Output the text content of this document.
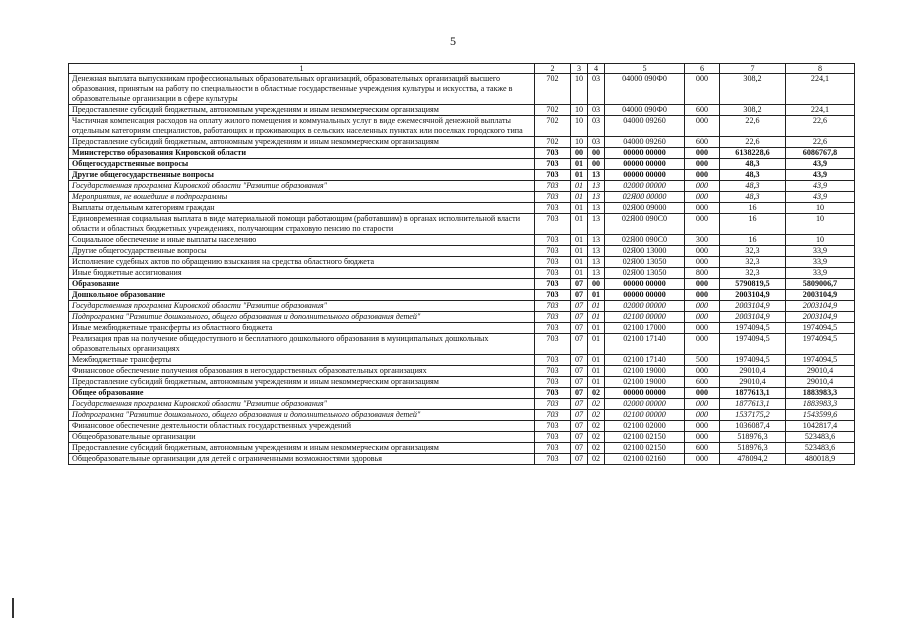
5
1	2	3	4	5	6	7	8
Денежная выплата выпускникам профессиональных образовательных организаций, образовательных организаций высшего образования, принятым на работу по специальности в областные государственные учреждения культуры и искусства, а также в образовательные организации в сфере культуры	702	10	03	04000 090Ф0	000	308,2	224,1
Предоставление субсидий бюджетным, автономным учреждениям и иным некоммерческим организациям	702	10	03	04000 090Ф0	600	308,2	224,1
Частичная компенсация расходов на оплату жилого помещения и коммунальных услуг в виде ежемесячной денежной выплаты отдельным категориям специалистов, работающих и проживающих в сельских населенных пунктах или поселках городского типа	702	10	03	04000 09260	000	22,6	22,6
Предоставление субсидий бюджетным, автономным учреждениям и иным некоммерческим организациям	702	10	03	04000 09260	600	22,6	22,6
Министерство образования Кировской области	703	00	00	00000 00000	000	6138228,6	6086767,8
Общегосударственные вопросы	703	01	00	00000 00000	000	48,3	43,9
Другие общегосударственные вопросы	703	01	13	00000 00000	000	48,3	43,9
Государственная программа Кировской области "Развитие образования"	703	01	13	02000 00000	000	48,3	43,9
Мероприятия, не вошедшие в подпрограммы	703	01	13	02Я00 00000	000	48,3	43,9
Выплаты отдельным категориям граждан	703	01	13	02Я00 09000	000	16	10
Единовременная социальная выплата в виде материальной помощи работающим (работавшим) в органах исполнительной власти области и областных бюджетных учреждениях, получающим страховую пенсию по старости	703	01	13	02Я00 090С0	000	16	10
Социальное обеспечение и иные выплаты населению	703	01	13	02Я00 090С0	300	16	10
Другие общегосударственные вопросы	703	01	13	02Я00 13000	000	32,3	33,9
Исполнение судебных актов по обращению взыскания на средства областного бюджета	703	01	13	02Я00 13050	000	32,3	33,9
Иные бюджетные ассигнования	703	01	13	02Я00 13050	800	32,3	33,9
Образование	703	07	00	00000 00000	000	5790819,5	5809006,7
Дошкольное образование	703	07	01	00000 00000	000	2003104,9	2003104,9
Государственная программа Кировской области "Развитие образования"	703	07	01	02000 00000	000	2003104,9	2003104,9
Подпрограмма "Развитие дошкольного, общего образования и дополнительного образования детей"	703	07	01	02100 00000	000	2003104,9	2003104,9
Иные межбюджетные трансферты из областного бюджета	703	07	01	02100 17000	000	1974094,5	1974094,5
Реализация прав на получение общедоступного и бесплатного дошкольного образования в муниципальных дошкольных образовательных организациях	703	07	01	02100 17140	000	1974094,5	1974094,5
Межбюджетные трансферты	703	07	01	02100 17140	500	1974094,5	1974094,5
Финансовое обеспечение получения образования в негосударственных образовательных организациях	703	07	01	02100 19000	000	29010,4	29010,4
Предоставление субсидий бюджетным, автономным учреждениям и иным некоммерческим организациям	703	07	01	02100 19000	600	29010,4	29010,4
Общее образование	703	07	02	00000 00000	000	1877613,1	1883983,3
Государственная программа Кировской области "Развитие образования"	703	07	02	02000 00000	000	1877613,1	1883983,3
Подпрограмма "Развитие дошкольного, общего образования и дополнительного образования детей"	703	07	02	02100 00000	000	1537175,2	1543599,6
Финансовое обеспечение деятельности областных государственных учреждений	703	07	02	02100 02000	000	1036087,4	1042817,4
Общеобразовательные организации	703	07	02	02100 02150	000	518976,3	523483,6
Предоставление субсидий бюджетным, автономным учреждениям и иным некоммерческим организациям	703	07	02	02100 02150	600	518976,3	523483,6
Общеобразовательные организации для детей с ограниченными возможностями здоровья	703	07	02	02100 02160	000	478094,2	480018,9
